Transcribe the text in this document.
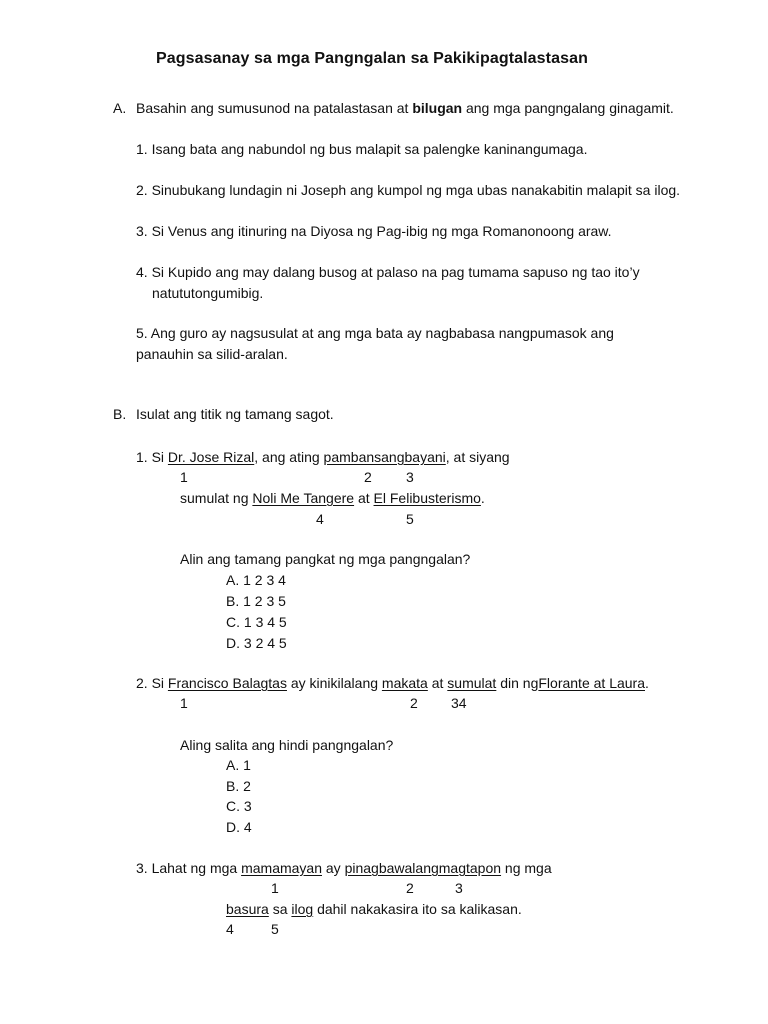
Pagsasanay sa mga Pangngalan sa Pakikipagtalastasan
A. Basahin ang sumusunod na patalastasan at bilugan ang mga pangngalang ginagamit.
1. Isang bata ang nabundol ng bus malapit sa palengke kaninangumaga.
2. Sinubukang lundagin ni Joseph ang kumpol ng mga ubas nanakabitin malapit sa ilog.
3. Si Venus ang itinuring na Diyosa ng Pag-ibig ng mga Romanonoong araw.
4. Si Kupido ang may dalang busog at palaso na pag tumama sapuso ng tao ito’y
natututongumibig.
5. Ang guro ay nagsusulat at ang mga bata ay nagbabasa nangpumasok ang
panauhin sa silid-aralan.
B. Isulat ang titik ng tamang sagot.
1. Si Dr. Jose Rizal, ang ating pambansangbayani, at siyang
1	2 3
sumulat ng Noli Me Tangere at El Felibusterismo.
4	5
Alin ang tamang pangkat ng mga pangngalan?
A. 1 2 3 4
B. 1 2 3 5
C. 1 3 4 5
D. 3 2 4 5
2. Si Francisco Balagtas ay kinikilalang makata at sumulat din ngFlorante at Laura.
1	2 34
Aling salita ang hindi pangngalan?
A. 1
B. 2
C. 3
D. 4
3. Lahat ng mga mamamayan ay pinagbawalangmagtapon ng mga
1	2	3
basura sa ilog dahil nakakasira ito sa kalikasan.
4	5
